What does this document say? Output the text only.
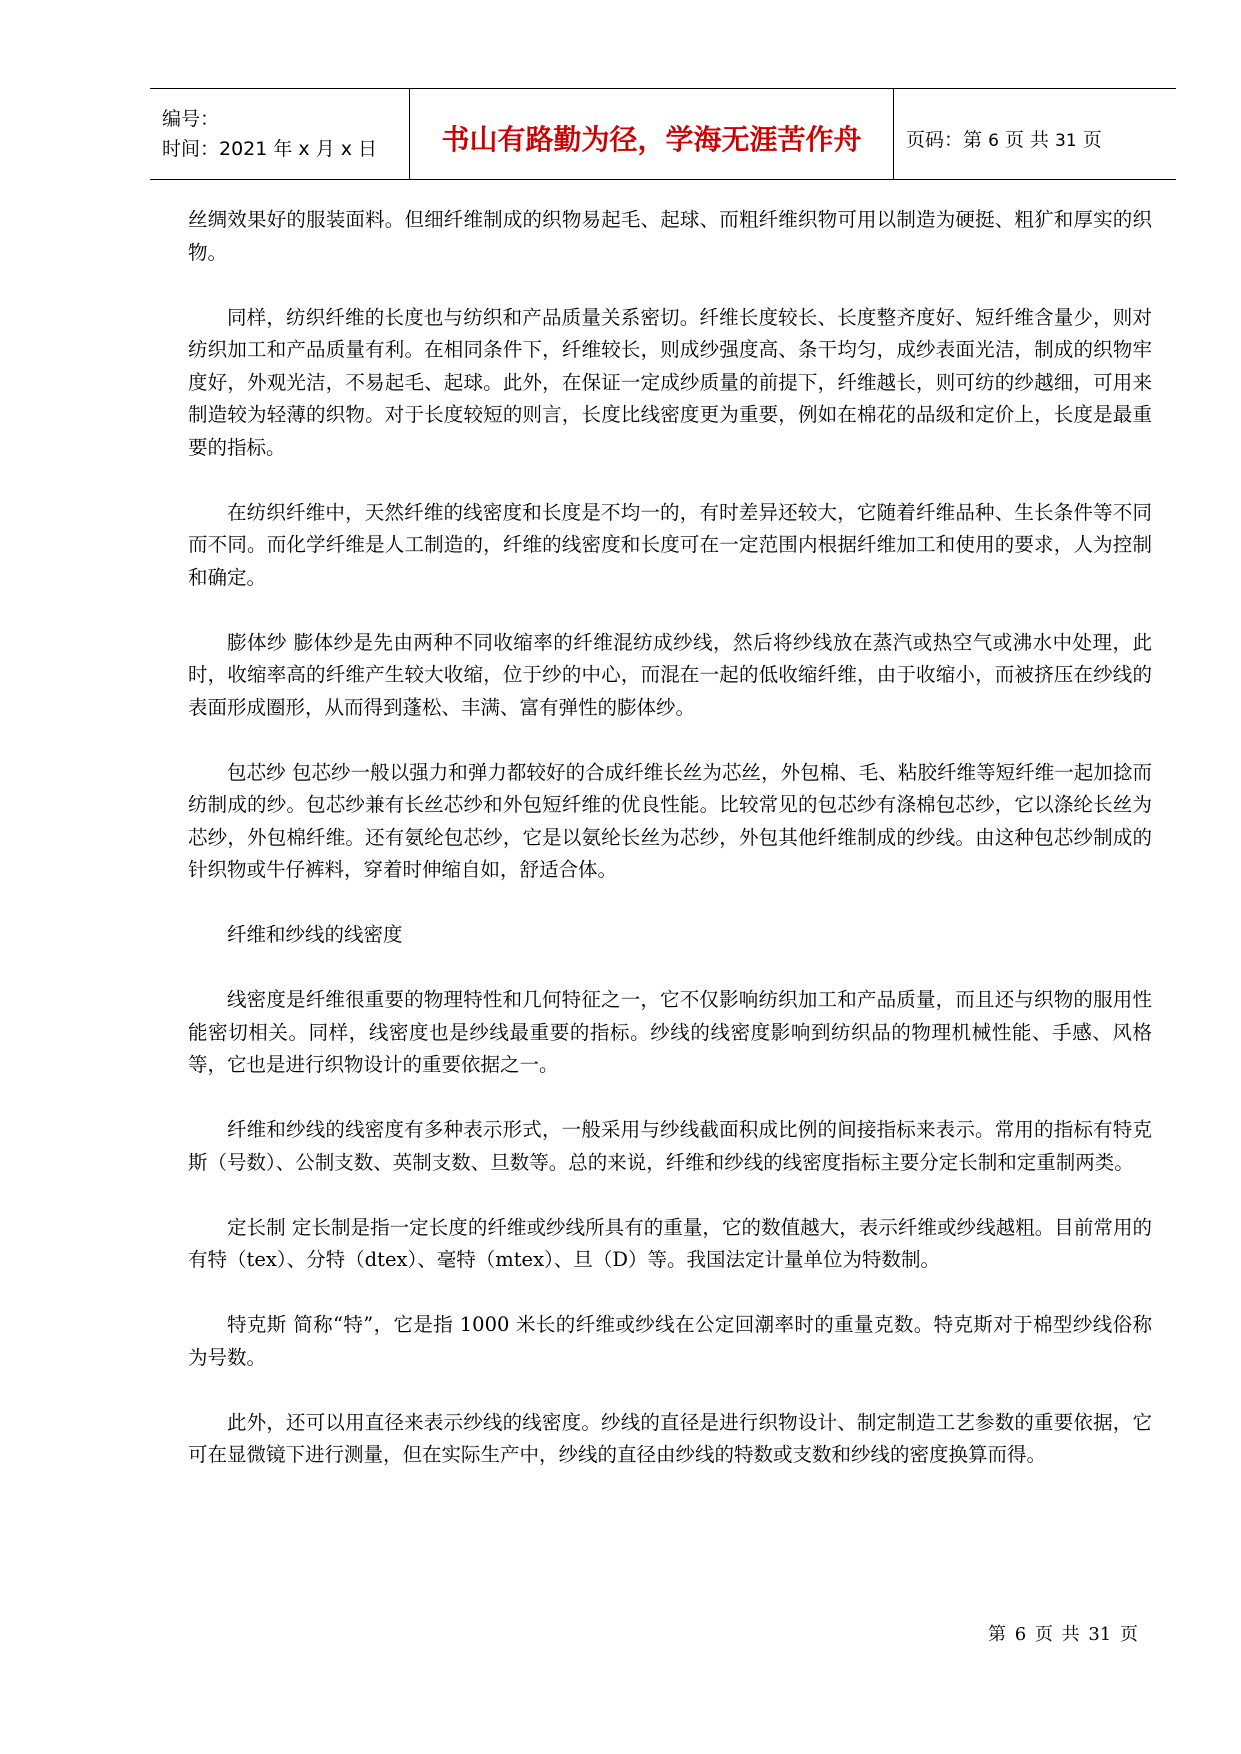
编号：
时间：2021 年 x 月 x 日	书山有路勤为径，学海无涯苦作舟 页码：第 6 页 共 31 页

丝绸效果好的服装面料。但细纤维制成的织物易起毛、起球、而粗纤维织物可用以制造为硬挺、粗犷和厚实的织物。

同样，纺织纤维的长度也与纺织和产品质量关系密切。纤维长度较长、长度整齐度好、短纤维含量少，则对纺织加工和产品质量有利。在相同条件下，纤维较长，则成纱强度高、条干均匀，成纱表面光洁，制成的织物牢度好，外观光洁，不易起毛、起球。此外，在保证一定成纱质量的前提下，纤维越长，则可纺的纱越细，可用来制造较为轻薄的织物。对于长度较短的则言，长度比线密度更为重要，例如在棉花的品级和定价上，长度是最重要的指标。

在纺织纤维中，天然纤维的线密度和长度是不均一的，有时差异还较大，它随着纤维品种、生长条件等不同而不同。而化学纤维是人工制造的，纤维的线密度和长度可在一定范围内根据纤维加工和使用的要求，人为控制和确定。

膨体纱 膨体纱是先由两种不同收缩率的纤维混纺成纱线，然后将纱线放在蒸汽或热空气或沸水中处理，此时，收缩率高的纤维产生较大收缩，位于纱的中心，而混在一起的低收缩纤维，由于收缩小，而被挤压在纱线的表面形成圈形，从而得到蓬松、丰满、富有弹性的膨体纱。

包芯纱 包芯纱一般以强力和弹力都较好的合成纤维长丝为芯丝，外包棉、毛、粘胶纤维等短纤维一起加捻而纺制成的纱。包芯纱兼有长丝芯纱和外包短纤维的优良性能。比较常见的包芯纱有涤棉包芯纱，它以涤纶长丝为芯纱，外包棉纤维。还有氨纶包芯纱，它是以氨纶长丝为芯纱，外包其他纤维制成的纱线。由这种包芯纱制成的针织物或牛仔裤料，穿着时伸缩自如，舒适合体。

纤维和纱线的线密度

线密度是纤维很重要的物理特性和几何特征之一，它不仅影响纺织加工和产品质量，而且还与织物的服用性能密切相关。同样，线密度也是纱线最重要的指标。纱线的线密度影响到纺织品的物理机械性能、手感、风格等，它也是进行织物设计的重要依据之一。

纤维和纱线的线密度有多种表示形式，一般采用与纱线截面积成比例的间接指标来表示。常用的指标有特克斯（号数）、公制支数、英制支数、旦数等。总的来说，纤维和纱线的线密度指标主要分定长制和定重制两类。

定长制 定长制是指一定长度的纤维或纱线所具有的重量，它的数值越大，表示纤维或纱线越粗。目前常用的有特（tex）、分特（dtex）、毫特（mtex）、旦（D）等。我国法定计量单位为特数制。

特克斯 简称“特”，它是指 1000 米长的纤维或纱线在公定回潮率时的重量克数。特克斯对于棉型纱线俗称为号数。

此外，还可以用直径来表示纱线的线密度。纱线的直径是进行织物设计、制定制造工艺参数的重要依据，它可在显微镜下进行测量，但在实际生产中，纱线的直径由纱线的特数或支数和纱线的密度换算而得。

第 6 页 共 31 页
